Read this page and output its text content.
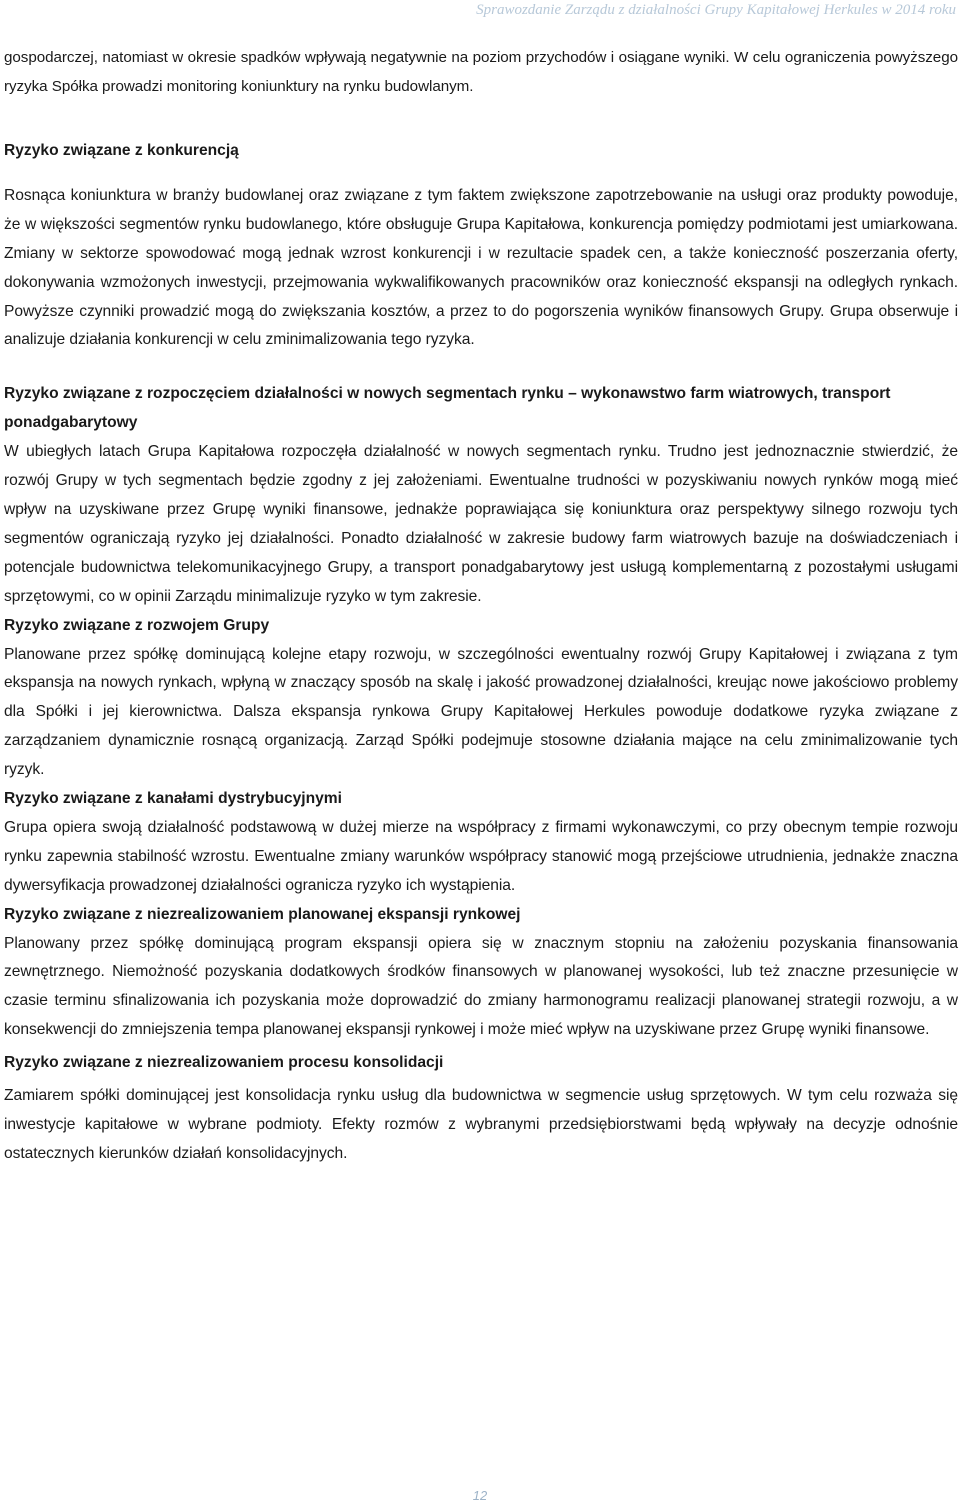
Sprawozdanie Zarządu z działalności Grupy Kapitałowej Herkules w 2014 roku

gospodarczej, natomiast w okresie spadków wpływają negatywnie na poziom przychodów i osiągane wyniki. W celu ograniczenia powyższego ryzyka Spółka prowadzi monitoring koniunktury na rynku budowlanym.

Ryzyko związane z konkurencją

Rosnąca koniunktura w branży budowlanej oraz związane z tym faktem zwiększone zapotrzebowanie na usługi oraz produkty powoduje, że w większości segmentów rynku budowlanego, które obsługuje Grupa Kapitałowa, konkurencja pomiędzy podmiotami jest umiarkowana. Zmiany w sektorze spowodować mogą jednak wzrost konkurencji i w rezultacie spadek cen, a także konieczność poszerzania oferty, dokonywania wzmożonych inwestycji, przejmowania wykwalifikowanych pracowników oraz konieczność ekspansji na odległych rynkach. Powyższe czynniki prowadzić mogą do zwiększania kosztów, a przez to do pogorszenia wyników finansowych Grupy. Grupa obserwuje i analizuje działania konkurencji w celu zminimalizowania tego ryzyka.

Ryzyko związane z rozpoczęciem działalności w nowych segmentach rynku – wykonawstwo farm wiatrowych, transport ponadgabarytowy

W ubiegłych latach Grupa Kapitałowa rozpoczęła działalność w nowych segmentach rynku. Trudno jest jednoznacznie stwierdzić, że rozwój Grupy w tych segmentach będzie zgodny z jej założeniami. Ewentualne trudności w pozyskiwaniu nowych rynków mogą mieć wpływ na uzyskiwane przez Grupę wyniki finansowe, jednakże poprawiająca się koniunktura oraz perspektywy silnego rozwoju tych segmentów ograniczają ryzyko jej działalności. Ponadto działalność w zakresie budowy farm wiatrowych bazuje na doświadczeniach i potencjale budownictwa telekomunikacyjnego Grupy, a transport ponadgabarytowy jest usługą komplementarną z pozostałymi usługami sprzętowymi, co w opinii Zarządu minimalizuje ryzyko w tym zakresie.

Ryzyko związane z rozwojem Grupy

Planowane przez spółkę dominującą kolejne etapy rozwoju, w szczególności ewentualny rozwój Grupy Kapitałowej i związana z tym ekspansja na nowych rynkach, wpłyną w znaczący sposób na skalę i jakość prowadzonej działalności, kreując nowe jakościowo problemy dla Spółki i jej kierownictwa. Dalsza ekspansja rynkowa Grupy Kapitałowej Herkules powoduje dodatkowe ryzyka związane z zarządzaniem dynamicznie rosnącą organizacją. Zarząd Spółki podejmuje stosowne działania mające na celu zminimalizowanie tych ryzyk.

Ryzyko związane z kanałami dystrybucyjnymi

Grupa opiera swoją działalność podstawową w dużej mierze na współpracy z firmami wykonawczymi, co przy obecnym tempie rozwoju rynku zapewnia stabilność wzrostu. Ewentualne zmiany warunków współpracy stanowić mogą przejściowe utrudnienia, jednakże znaczna dywersyfikacja prowadzonej działalności ogranicza ryzyko ich wystąpienia.

Ryzyko związane z niezrealizowaniem planowanej ekspansji rynkowej

Planowany przez spółkę dominującą program ekspansji opiera się w znacznym stopniu na założeniu pozyskania finansowania zewnętrznego. Niemożność pozyskania dodatkowych środków finansowych w planowanej wysokości, lub też znaczne przesunięcie w czasie terminu sfinalizowania ich pozyskania może doprowadzić do zmiany harmonogramu realizacji planowanej strategii rozwoju, a w konsekwencji do zmniejszenia tempa planowanej ekspansji rynkowej i może mieć wpływ na uzyskiwane przez Grupę wyniki finansowe.

Ryzyko związane z niezrealizowaniem procesu konsolidacji

Zamiarem spółki dominującej jest konsolidacja rynku usług dla budownictwa w segmencie usług sprzętowych. W tym celu rozważa się inwestycje kapitałowe w wybrane podmioty. Efekty rozmów z wybranymi przedsiębiorstwami będą wpływały na decyzje odnośnie ostatecznych kierunków działań konsolidacyjnych.

12
